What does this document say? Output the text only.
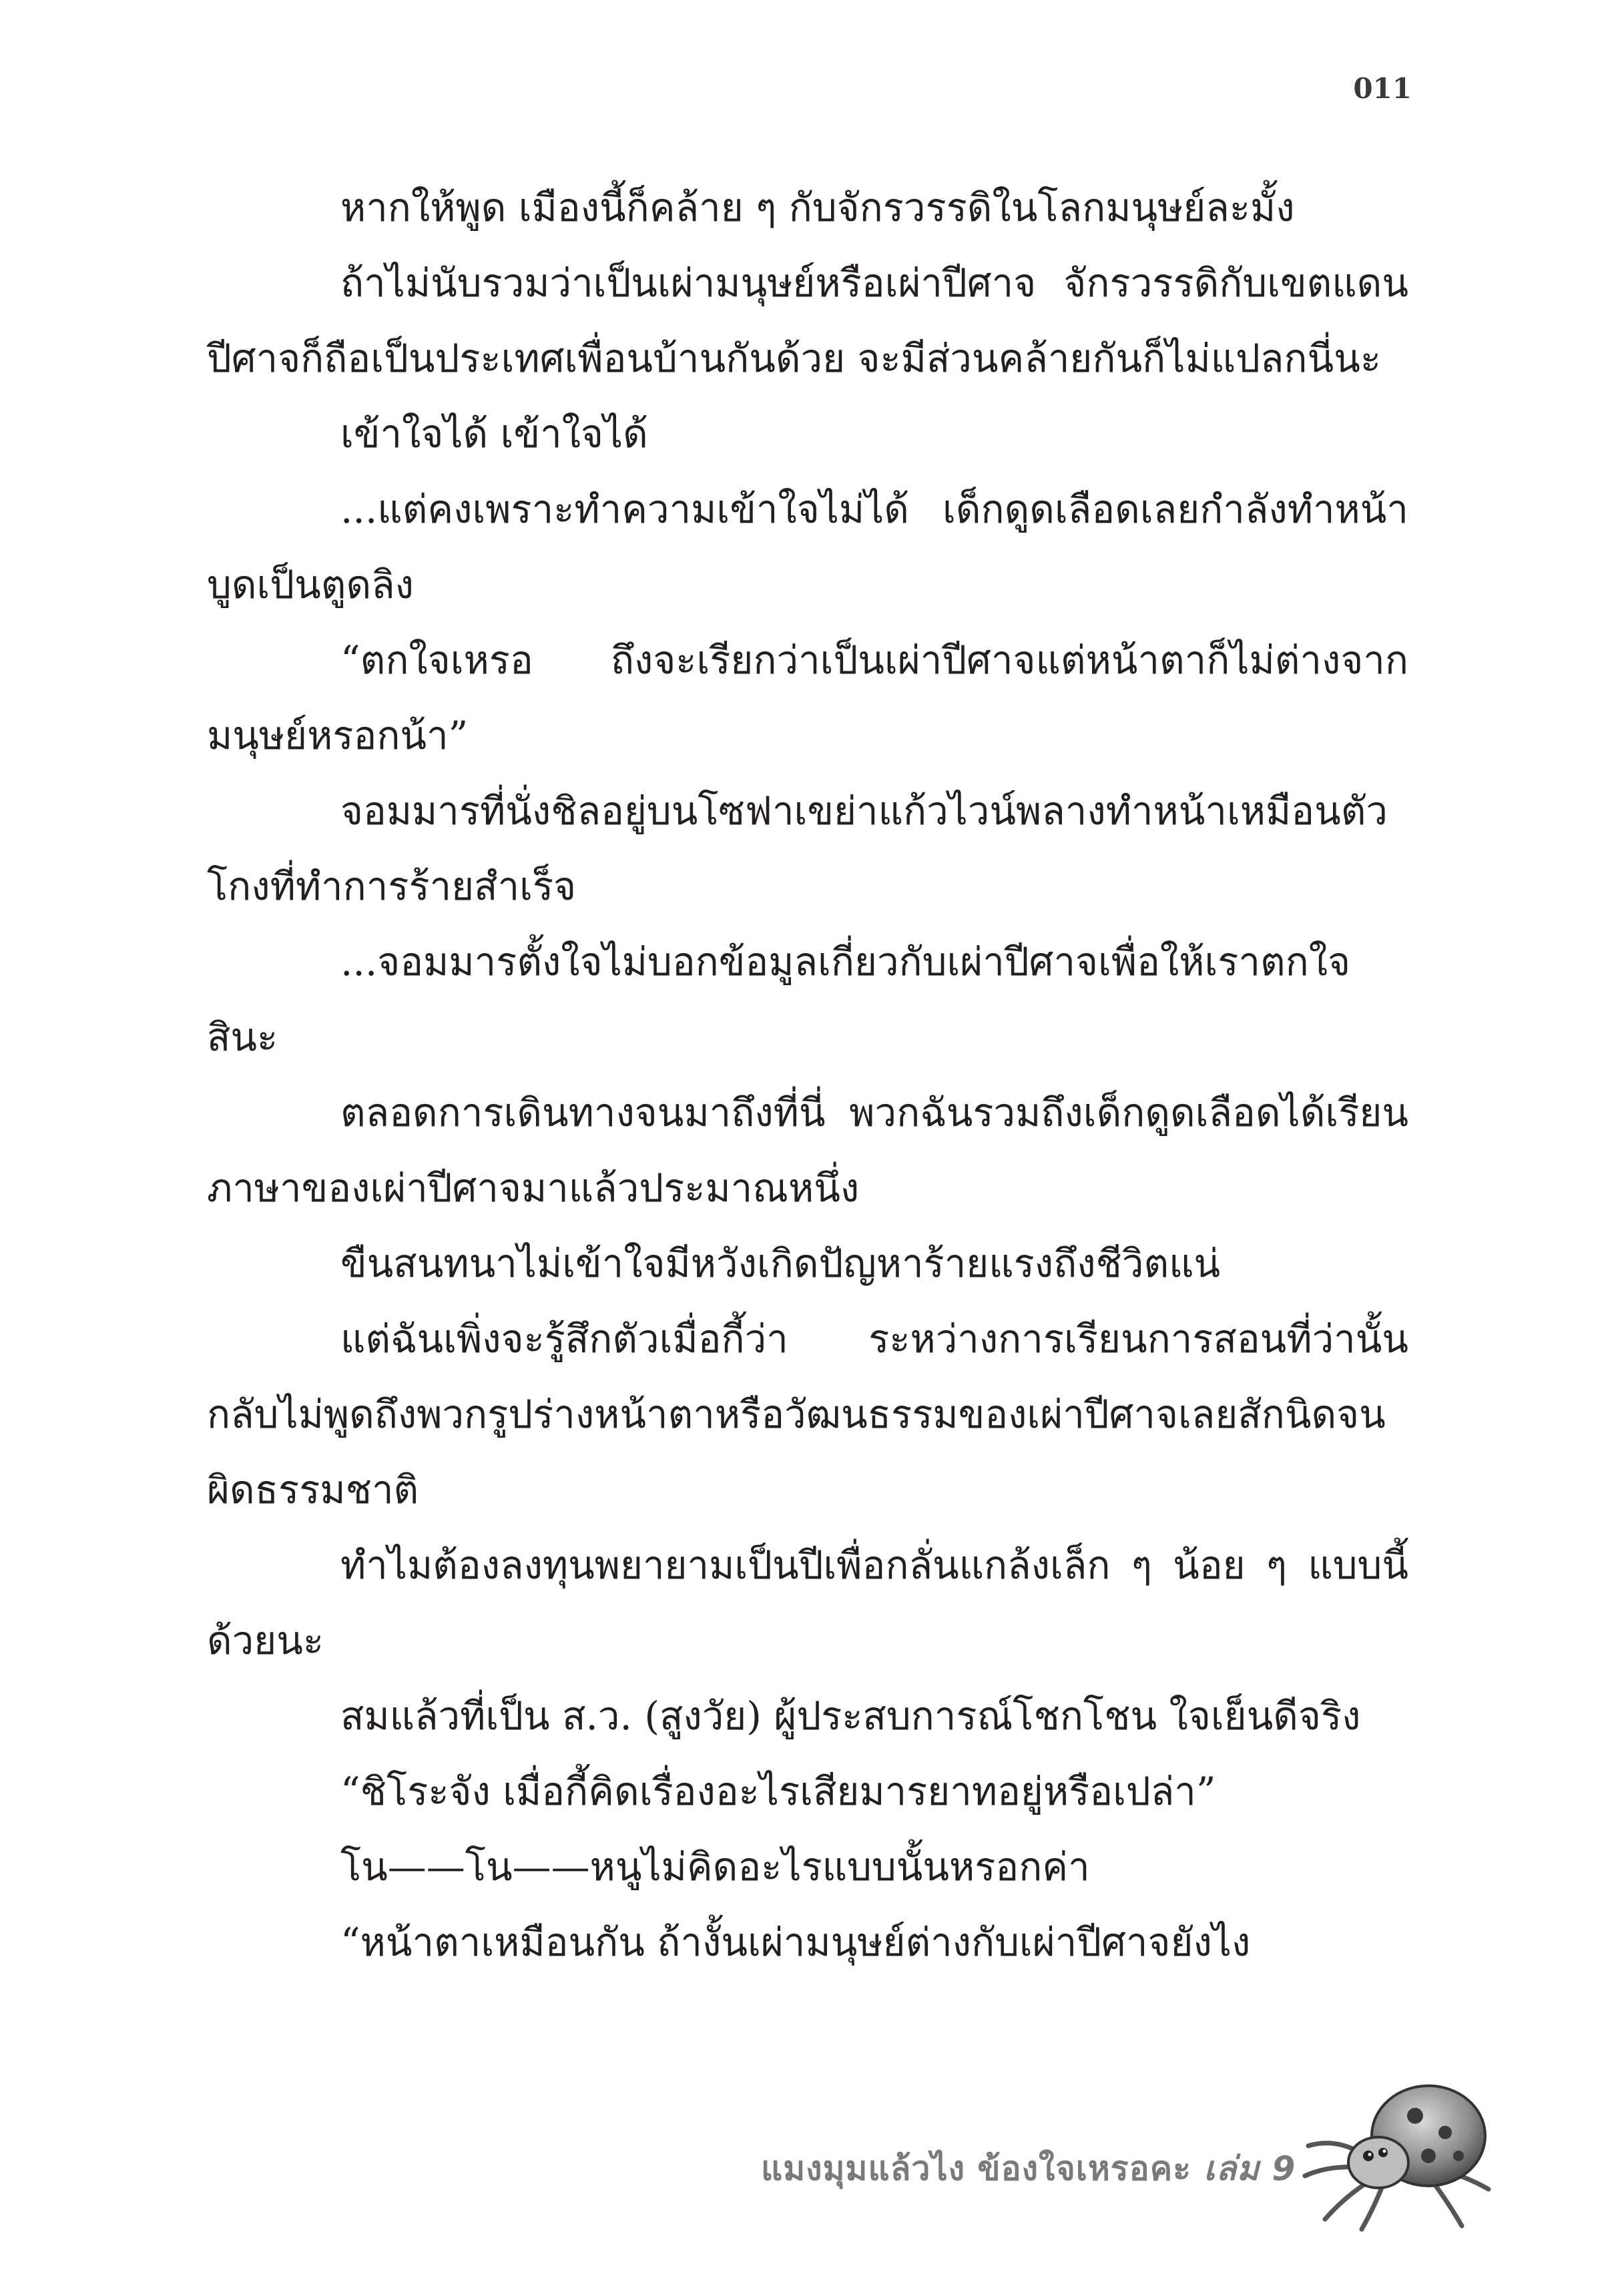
011

หากให้พูด เมืองนี้ก็คล้าย ๆ กับจักรวรรดิในโลกมนุษย์ละมั้ง

ถ้าไม่นับรวมว่าเป็นเผ่ามนุษย์หรือเผ่าปีศาจ จักรวรรดิกับเขตแดนปีศาจก็ถือเป็นประเทศเพื่อนบ้านกันด้วย จะมีส่วนคล้ายกันก็ไม่แปลกนี่นะ

เข้าใจได้ เข้าใจได้

...แต่คงเพราะทำความเข้าใจไม่ได้ เด็กดูดเลือดเลยกำลังทำหน้าบูดเป็นตูดลิง

“ตกใจเหรอ ถึงจะเรียกว่าเป็นเผ่าปีศาจแต่หน้าตาก็ไม่ต่างจากมนุษย์หรอกน้า”

จอมมารที่นั่งชิลอยู่บนโซฟาเขย่าแก้วไวน์พลางทำหน้าเหมือนตัวโกงที่ทำการร้ายสำเร็จ

...จอมมารตั้งใจไม่บอกข้อมูลเกี่ยวกับเผ่าปีศาจเพื่อให้เราตกใจสินะ

ตลอดการเดินทางจนมาถึงที่นี่ พวกฉันรวมถึงเด็กดูดเลือดได้เรียนภาษาของเผ่าปีศาจมาแล้วประมาณหนึ่ง

ขืนสนทนาไม่เข้าใจมีหวังเกิดปัญหาร้ายแรงถึงชีวิตแน่

แต่ฉันเพิ่งจะรู้สึกตัวเมื่อกี้ว่า ระหว่างการเรียนการสอนที่ว่านั้นกลับไม่พูดถึงพวกรูปร่างหน้าตาหรือวัฒนธรรมของเผ่าปีศาจเลยสักนิดจนผิดธรรมชาติ

ทำไมต้องลงทุนพยายามเป็นปีเพื่อกลั่นแกล้งเล็ก ๆ น้อย ๆ แบบนี้ด้วยนะ

สมแล้วที่เป็น ส.ว. (สูงวัย) ผู้ประสบการณ์โชกโชน ใจเย็นดีจริง

“ชิโระจัง เมื่อกี้คิดเรื่องอะไรเสียมารยาทอยู่หรือเปล่า”

โน——โน——หนูไม่คิดอะไรแบบนั้นหรอกค่า

“หน้าตาเหมือนกัน ถ้างั้นเผ่ามนุษย์ต่างกับเผ่าปีศาจยังไง

แมงมุมแล้วไง ข้องใจเหรอคะ เล่ม 9
